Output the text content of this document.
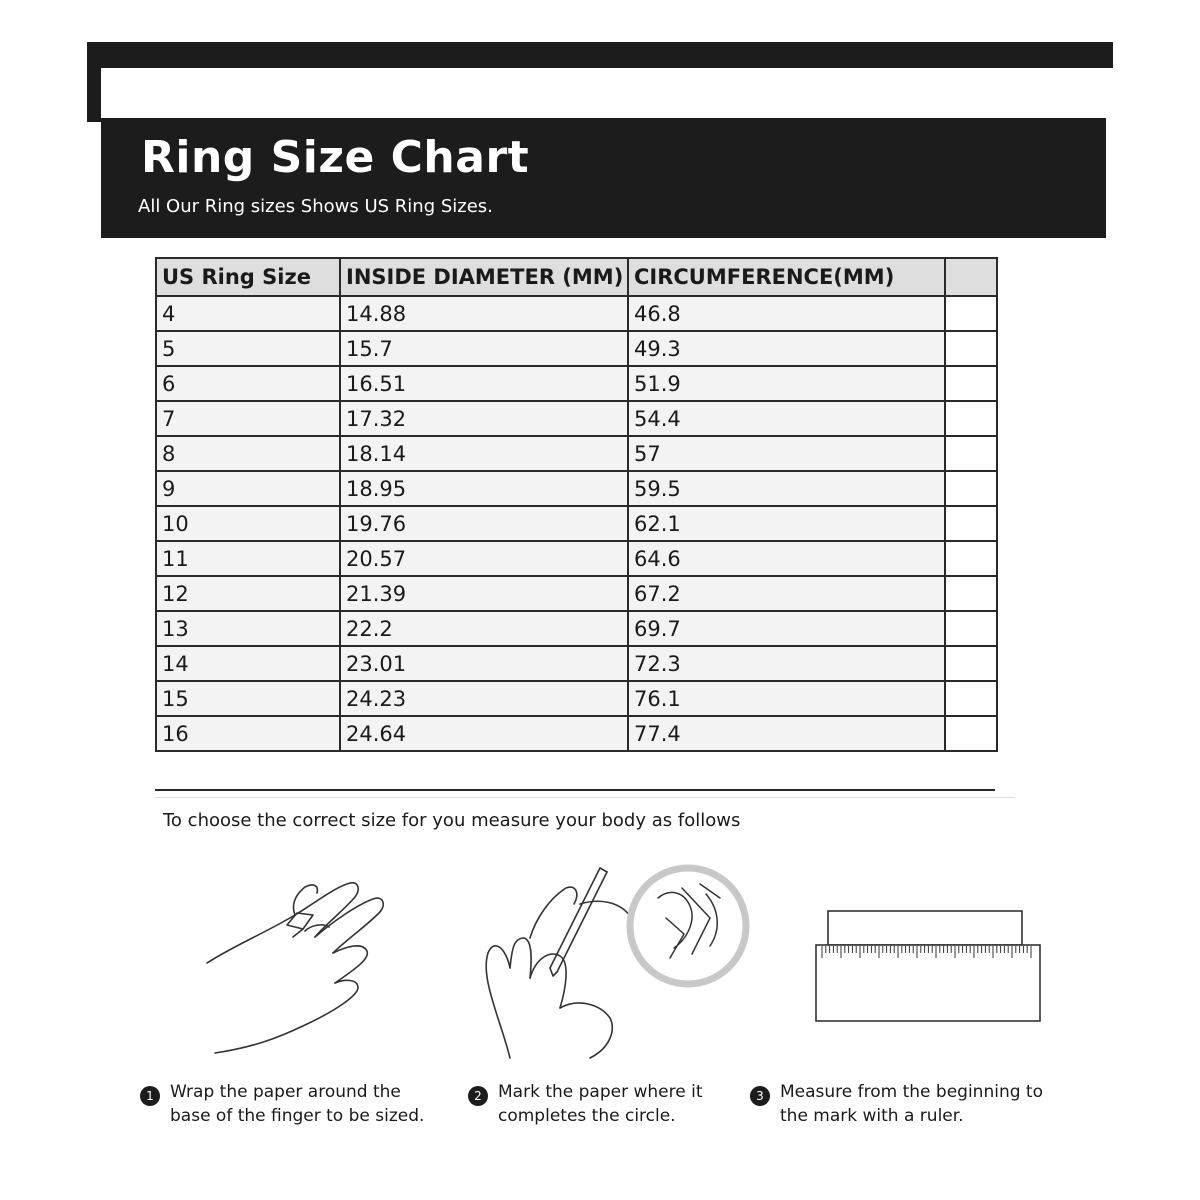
Ring Size Chart
All Our Ring sizes Shows US Ring Sizes.
US Ring Size	INSIDE DIAMETER (MM)	CIRCUMFERENCE(MM)	
4	14.88	46.8	
5	15.7	49.3	
6	16.51	51.9	
7	17.32	54.4	
8	18.14	57	
9	18.95	59.5	
10	19.76	62.1	
11	20.57	64.6	
12	21.39	67.2	
13	22.2	69.7	
14	23.01	72.3	
15	24.23	76.1	
16	24.64	77.4	
To choose the correct size for you measure your body as follows
1 Wrap the paper around the
base of the finger to be sized.
2 Mark the paper where it
completes the circle.
3 Measure from the beginning to
the mark with a ruler.
